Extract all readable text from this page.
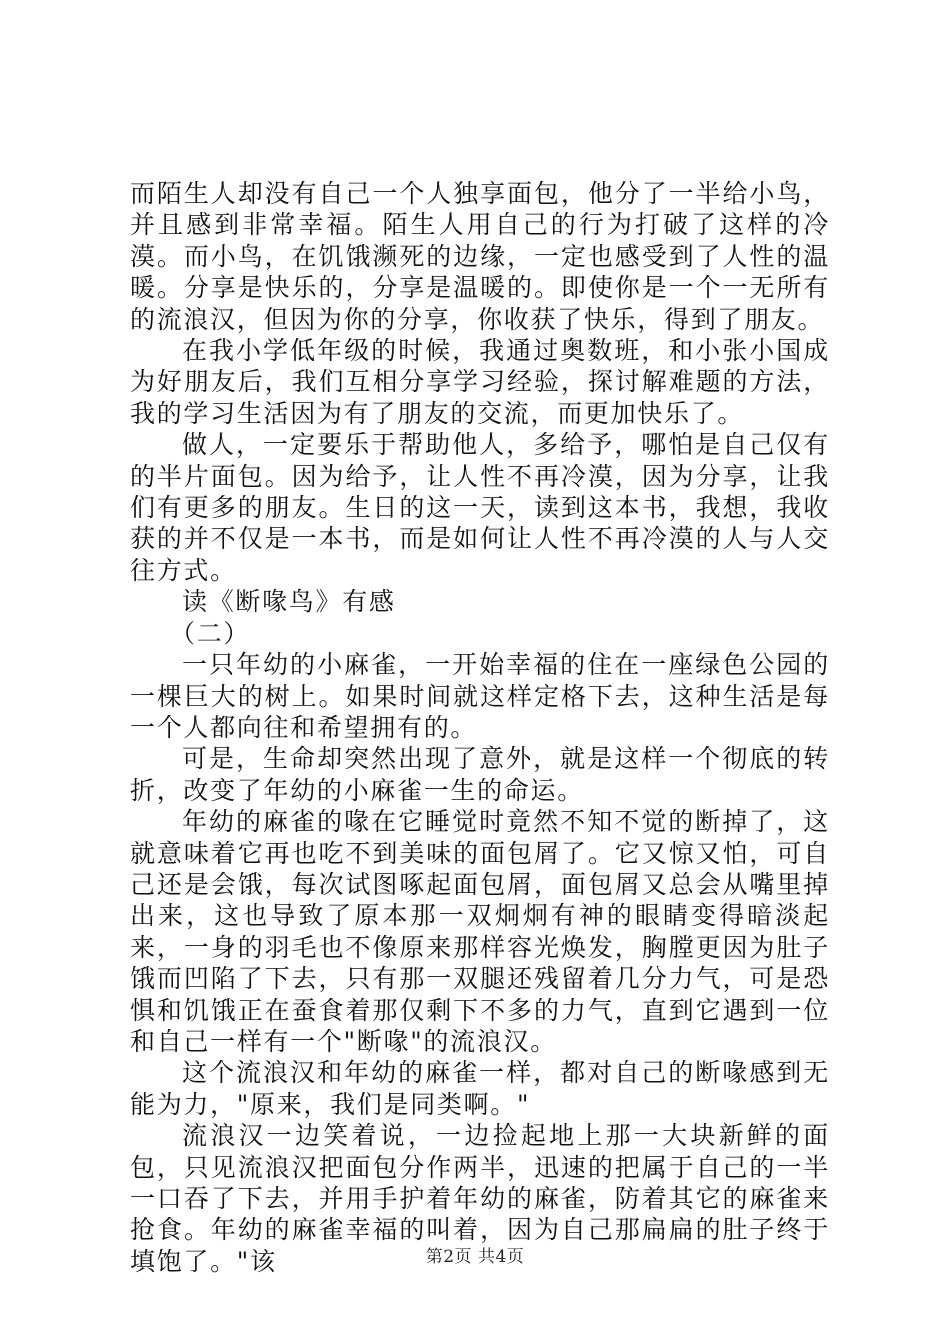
而陌生人却没有自己一个人独享面包，他分了一半给小鸟，并且感到非常幸福。陌生人用自己的行为打破了这样的冷漠。而小鸟，在饥饿濒死的边缘，一定也感受到了人性的温暖。分享是快乐的，分享是温暖的。即使你是一个一无所有的流浪汉，但因为你的分享，你收获了快乐，得到了朋友。

在我小学低年级的时候，我通过奥数班，和小张小国成为好朋友后，我们互相分享学习经验，探讨解难题的方法，我的学习生活因为有了朋友的交流，而更加快乐了。

做人，一定要乐于帮助他人，多给予，哪怕是自己仅有的半片面包。因为给予，让人性不再冷漠，因为分享，让我们有更多的朋友。生日的这一天，读到这本书，我想，我收获的并不仅是一本书，而是如何让人性不再冷漠的人与人交往方式。

读《断喙鸟》有感

（二）

一只年幼的小麻雀，一开始幸福的住在一座绿色公园的一棵巨大的树上。如果时间就这样定格下去，这种生活是每一个人都向往和希望拥有的。

可是，生命却突然出现了意外，就是这样一个彻底的转折，改变了年幼的小麻雀一生的命运。

年幼的麻雀的喙在它睡觉时竟然不知不觉的断掉了，这就意味着它再也吃不到美味的面包屑了。它又惊又怕，可自己还是会饿，每次试图啄起面包屑，面包屑又总会从嘴里掉出来，这也导致了原本那一双炯炯有神的眼睛变得暗淡起来，一身的羽毛也不像原来那样容光焕发，胸膛更因为肚子饿而凹陷了下去，只有那一双腿还残留着几分力气，可是恐惧和饥饿正在蚕食着那仅剩下不多的力气，直到它遇到一位和自己一样有一个"断喙"的流浪汉。

这个流浪汉和年幼的麻雀一样，都对自己的断喙感到无能为力，"原来，我们是同类啊。"

流浪汉一边笑着说，一边捡起地上那一大块新鲜的面包，只见流浪汉把面包分作两半，迅速的把属于自己的一半一口吞了下去，并用手护着年幼的麻雀，防着其它的麻雀来抢食。年幼的麻雀幸福的叫着，因为自己那扁扁的肚子终于填饱了。"该	第2页 共4页
